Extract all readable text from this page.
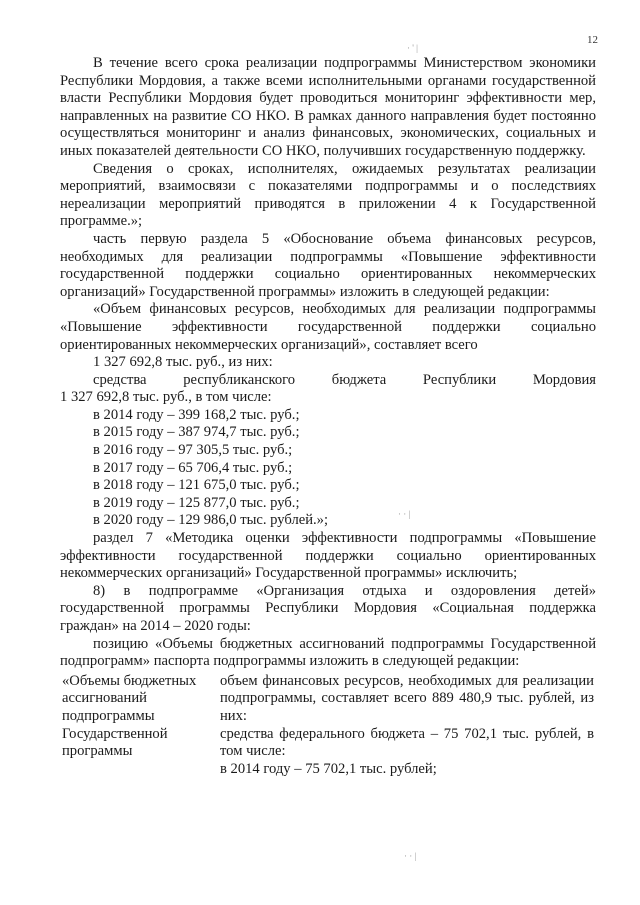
12
· ' |
· · |
· · |

В течение всего срока реализации подпрограммы Министерством экономики Республики Мордовия, а также всеми исполнительными органами государственной власти Республики Мордовия будет проводиться мониторинг эффективности мер, направленных на развитие СО НКО. В рамках данного направления будет постоянно осуществляться мониторинг и анализ финансовых, экономических, социальных и иных показателей деятельности СО НКО, получивших государственную поддержку.

Сведения о сроках, исполнителях, ожидаемых результатах реализации мероприятий, взаимосвязи с показателями подпрограммы и о последствиях нереализации мероприятий приводятся в приложении 4 к Государственной программе.»;

часть первую раздела 5 «Обоснование объема финансовых ресурсов, необходимых для реализации подпрограммы «Повышение эффективности государственной поддержки социально ориентированных некоммерческих организаций» Государственной программы» изложить в следующей редакции:

«Объем финансовых ресурсов, необходимых для реализации подпрограммы «Повышение эффективности государственной поддержки социально ориентированных некоммерческих организаций», составляет всего

1 327 692,8 тыс. руб., из них:

средства республиканского бюджета Республики Мордовия

1 327 692,8 тыс. руб., в том числе:

в 2014 году – 399 168,2 тыс. руб.;

в 2015 году – 387 974,7 тыс. руб.;

в 2016 году – 97 305,5 тыс. руб.;

в 2017 году – 65 706,4 тыс. руб.;

в 2018 году – 121 675,0 тыс. руб.;

в 2019 году – 125 877,0 тыс. руб.;

в 2020 году – 129 986,0 тыс. рублей.»;

раздел 7 «Методика оценки эффективности подпрограммы «Повышение эффективности государственной поддержки социально ориентированных некоммерческих организаций» Государственной программы» исключить;

8) в подпрограмме «Организация отдыха и оздоровления детей» государственной программы Республики Мордовия «Социальная поддержка граждан» на 2014 – 2020 годы:

позицию «Объемы бюджетных ассигнований подпрограммы Государственной подпрограмм» паспорта подпрограммы изложить в следующей редакции:

«Объемы бюджетных

ассигнований

подпрограммы

Государственной

программы

объем финансовых ресурсов, необходимых для реализации подпрограммы, составляет всего 889 480,9 тыс. рублей, из них:

средства федерального бюджета – 75 702,1 тыс. рублей, в том числе:

в 2014 году – 75 702,1 тыс. рублей;
